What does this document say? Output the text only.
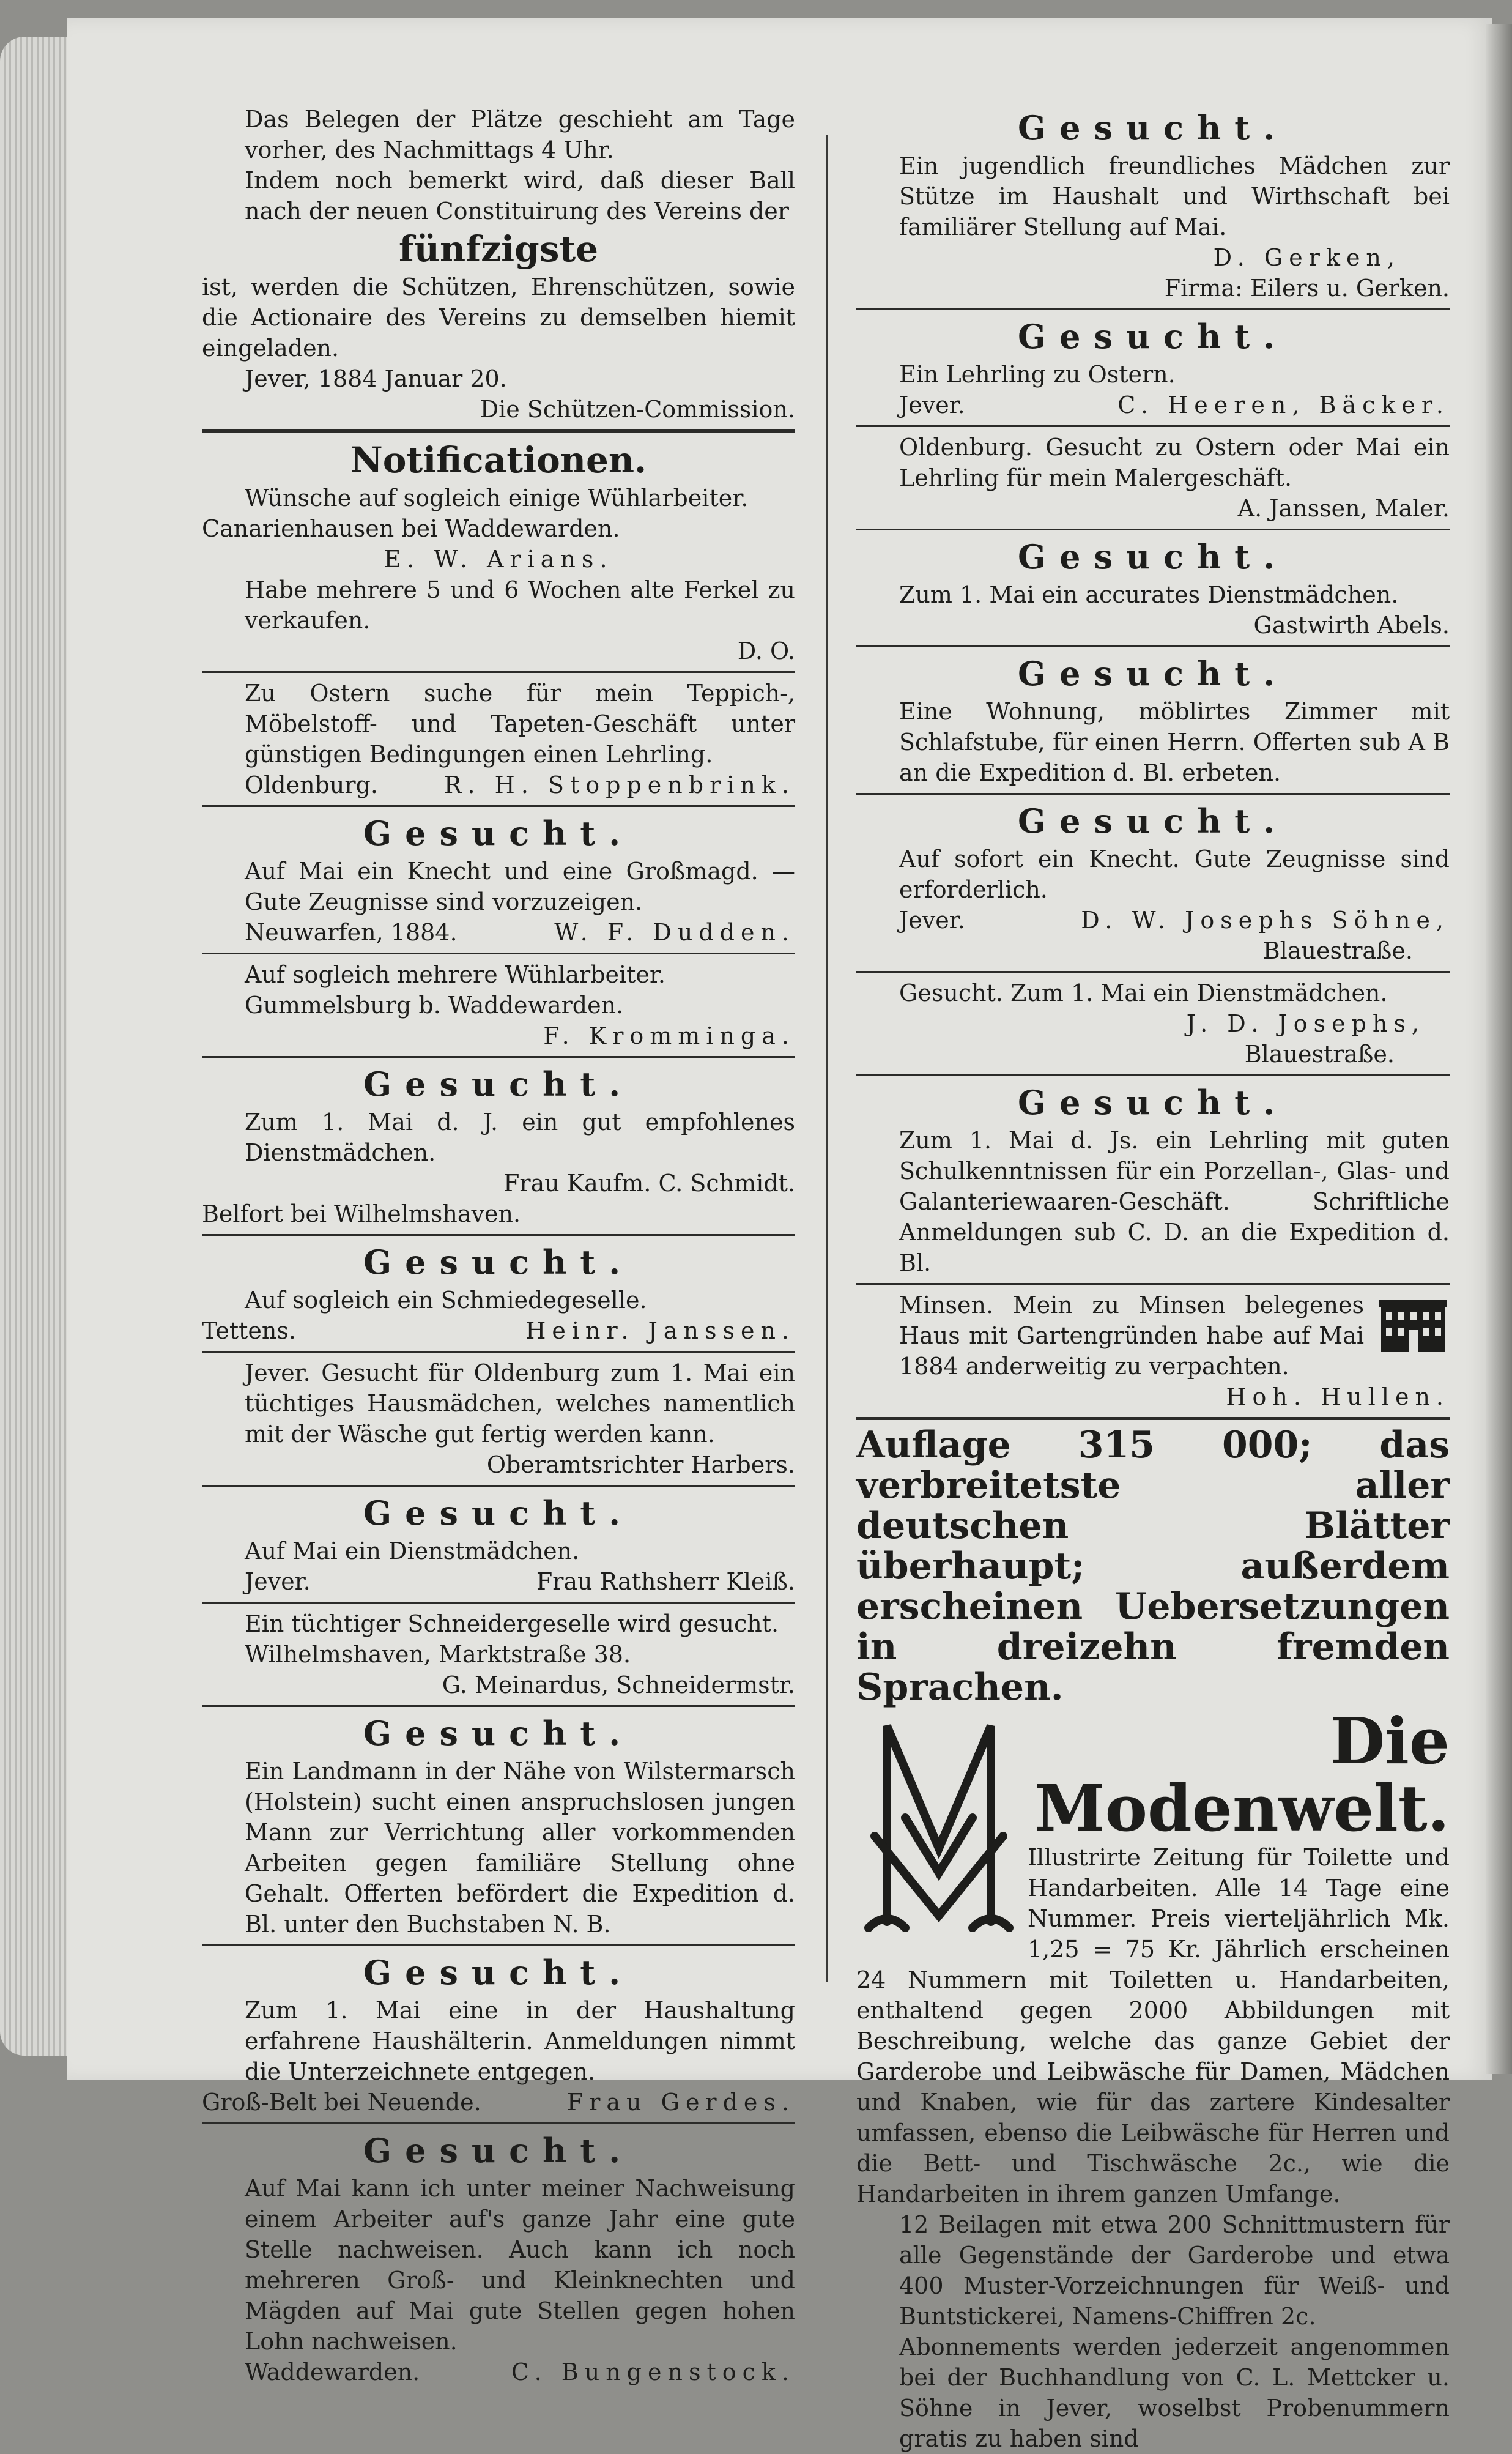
Das Belegen der Plätze geschieht am Tage vorher, des Nachmittags 4 Uhr.

Indem noch bemerkt wird, daß dieser Ball nach der neuen Constituirung des Vereins der

fünfzigste

ist, werden die Schützen, Ehrenschützen, sowie die Actionaire des Vereins zu demselben hiemit eingeladen.

Jever, 1884 Januar 20.

Die Schützen-Commission.

Notificationen.

Wünsche auf sogleich einige Wühlarbeiter.

Canarienhausen bei Waddewarden.

E. W. Arians.

Habe mehrere 5 und 6 Wochen alte Ferkel zu verkaufen.

D. O.

Zu Ostern suche für mein Teppich-, Möbelstoff- und Tapeten-Geschäft unter günstigen Bedingungen einen Lehrling.

Oldenburg.	R. H. Stoppenbrink.
Gesucht.

Auf Mai ein Knecht und eine Großmagd. — Gute Zeugnisse sind vorzuzeigen.

Neuwarfen, 1884.	W. F. Dudden.

Auf sogleich mehrere Wühlarbeiter.

Gummelsburg b. Waddewarden.

F. Kromminga.

Gesucht.

Zum 1. Mai d. J. ein gut empfohlenes Dienstmädchen.

Frau Kaufm. C. Schmidt.

Belfort bei Wilhelmshaven.

Gesucht.

Auf sogleich ein Schmiedegeselle.

Tettens.	Heinr. Janssen.

Jever. Gesucht für Oldenburg zum 1. Mai ein tüchtiges Hausmädchen, welches namentlich mit der Wäsche gut fertig werden kann.

Oberamtsrichter Harbers.

Gesucht.

Auf Mai ein Dienstmädchen.

Jever.	Frau Rathsherr Kleiß.

Ein tüchtiger Schneidergeselle wird gesucht.

Wilhelmshaven, Marktstraße 38.

G. Meinardus, Schneidermstr.

Gesucht.

Ein Landmann in der Nähe von Wilstermarsch (Holstein) sucht einen anspruchslosen jungen Mann zur Verrichtung aller vorkommenden Arbeiten gegen familiäre Stellung ohne Gehalt. Offerten befördert die Expedition d. Bl. unter den Buchstaben N. B.

Gesucht.

Zum 1. Mai eine in der Haushaltung erfahrene Haushälterin. Anmeldungen nimmt die Unterzeichnete entgegen.

Groß-Belt bei Neuende.	Frau Gerdes.
Gesucht.

Auf Mai kann ich unter meiner Nachweisung einem Arbeiter auf's ganze Jahr eine gute Stelle nachweisen. Auch kann ich noch mehreren Groß- und Kleinknechten und Mägden auf Mai gute Stellen gegen hohen Lohn nachweisen.

Waddewarden.	C. Bungenstock.
Gesucht.

Ein jugendlich freundliches Mädchen zur Stütze im Haushalt und Wirthschaft bei familiärer Stellung auf Mai.

D. Gerken,

Firma: Eilers u. Gerken.

Gesucht.

Ein Lehrling zu Ostern.

Jever.	C. Heeren, Bäcker.

Oldenburg. Gesucht zu Ostern oder Mai ein Lehrling für mein Malergeschäft.

A. Janssen, Maler.

Gesucht.

Zum 1. Mai ein accurates Dienstmädchen.

Gastwirth Abels.

Gesucht.

Eine Wohnung, möblirtes Zimmer mit Schlafstube, für einen Herrn. Offerten sub A B an die Expedition d. Bl. erbeten.

Gesucht.

Auf sofort ein Knecht. Gute Zeugnisse sind erforderlich.

Jever.	D. W. Josephs Söhne,

Blauestraße.

Gesucht. Zum 1. Mai ein Dienstmädchen.

J. D. Josephs,

Blauestraße.

Gesucht.

Zum 1. Mai d. Js. ein Lehrling mit guten Schulkenntnissen für ein Porzellan-, Glas- und Galanteriewaaren-Geschäft. Schriftliche Anmeldungen sub C. D. an die Expedition d. Bl.

Minsen. Mein zu Minsen belegenes Haus mit Gartengründen habe auf Mai 1884 anderweitig zu verpachten.

Hoh. Hullen.

Auflage 315 000; das verbreitetste aller deutschen Blätter überhaupt; außerdem erscheinen Uebersetzungen in dreizehn fremden Sprachen.

Die Modenwelt.

Illustrirte Zeitung für Toilette und Handarbeiten. Alle 14 Tage eine Nummer. Preis vierteljährlich Mk. 1,25 = 75 Kr. Jährlich erscheinen 24 Nummern mit Toiletten u. Handarbeiten, enthaltend gegen 2000 Abbildungen mit Beschreibung, welche das ganze Gebiet der Garderobe und Leibwäsche für Damen, Mädchen und Knaben, wie für das zartere Kindesalter umfassen, ebenso die Leibwäsche für Herren und die Bett- und Tischwäsche 2c., wie die Handarbeiten in ihrem ganzen Umfange.

12 Beilagen mit etwa 200 Schnittmustern für alle Gegenstände der Garderobe und etwa 400 Muster-Vorzeichnungen für Weiß- und Buntstickerei, Namens-Chiffren 2c.

Abonnements werden jederzeit angenommen bei der Buchhandlung von C. L. Mettcker u. Söhne in Jever, woselbst Probenummern gratis zu haben sind
